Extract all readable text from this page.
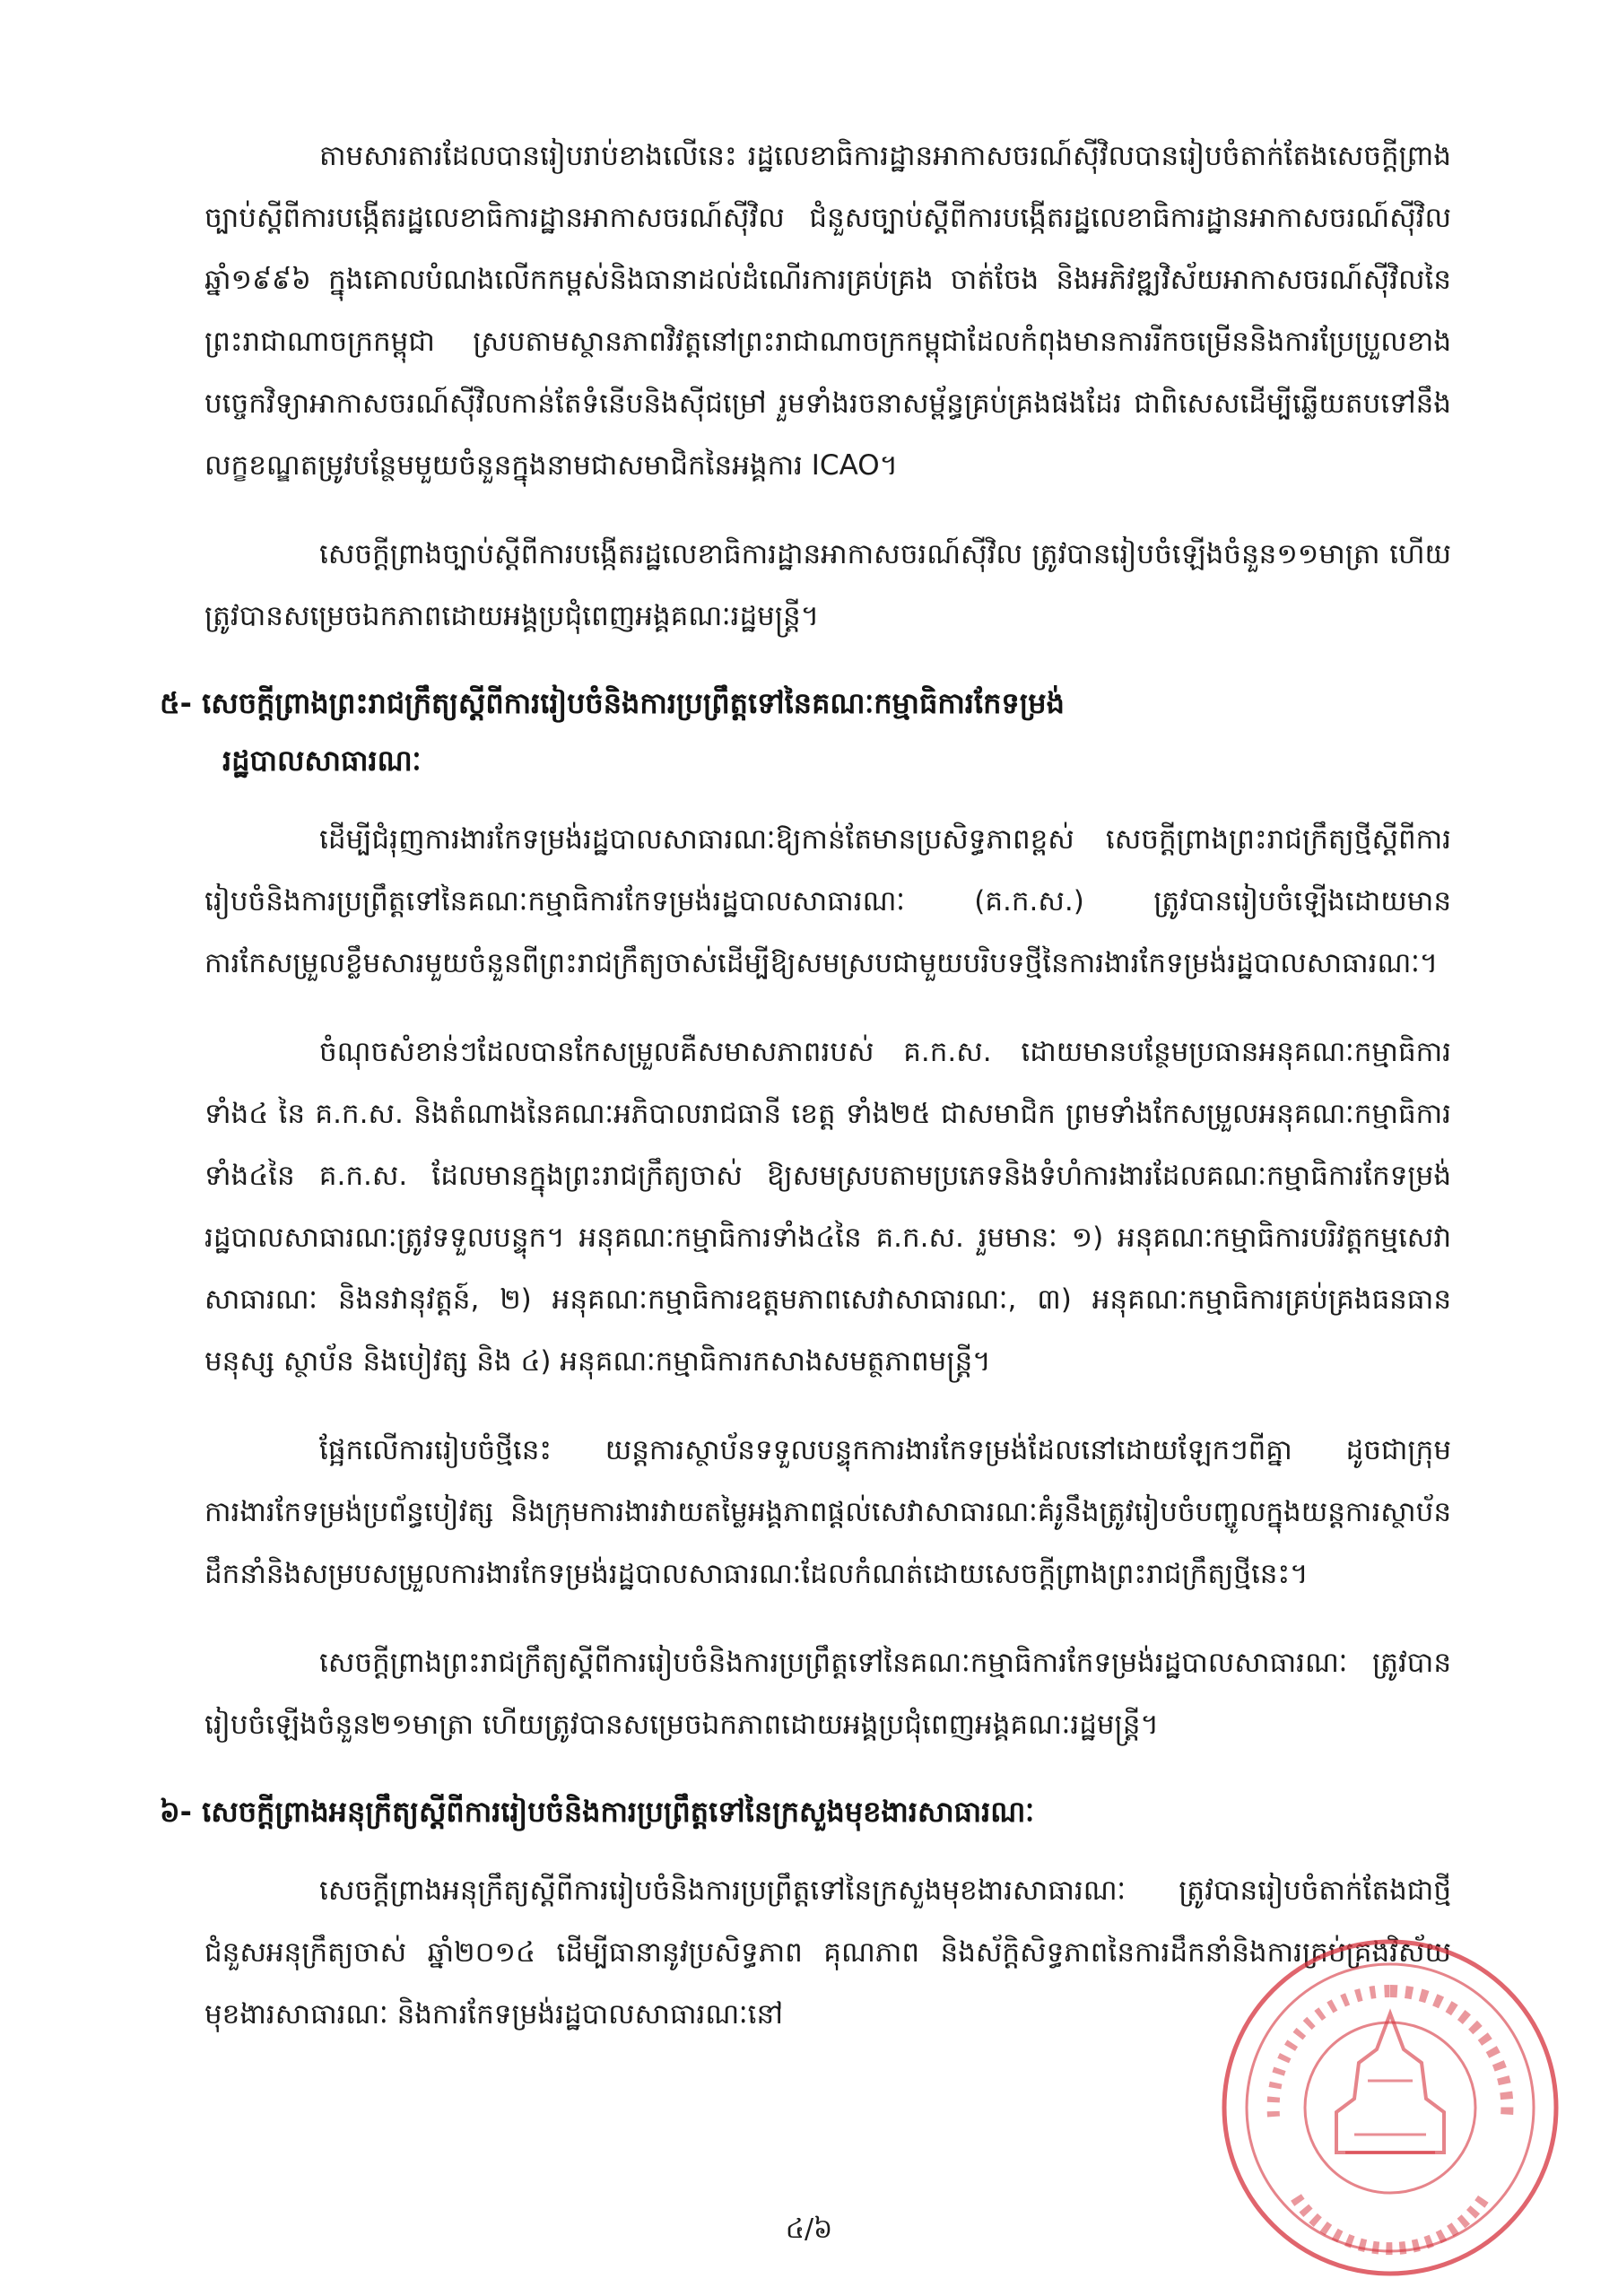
តាមសារតារដែលបានរៀបរាប់ខាងលើនេះ រដ្ឋលេខាធិការដ្ឋានអាកាសចរណ៍ស៊ីវិលបានរៀបចំតាក់តែងសេចក្តីព្រាងច្បាប់ស្តីពីការបង្កើតរដ្ឋលេខាធិការដ្ឋានអាកាសចរណ៍ស៊ីវិល ជំនួសច្បាប់ស្តីពីការបង្កើតរដ្ឋលេខាធិការដ្ឋានអាកាសចរណ៍ស៊ីវិល ឆ្នាំ១៩៩៦ ក្នុងគោលបំណងលើកកម្ពស់និងធានាដល់ដំណើរការគ្រប់គ្រង ចាត់ចែង និងអភិវឌ្ឍវិស័យអាកាសចរណ៍ស៊ីវិលនៃព្រះរាជាណាចក្រកម្ពុជា ស្របតាមស្ថានភាពវិវត្តនៅព្រះរាជាណាចក្រកម្ពុជាដែលកំពុងមានការរីកចម្រើននិងការប្រែប្រួលខាងបច្ចេកវិទ្យាអាកាសចរណ៍ស៊ីវិលកាន់តែទំនើបនិងស៊ីជម្រៅ រួមទាំងរចនាសម្ព័ន្ធគ្រប់គ្រងផងដែរ ជាពិសេសដើម្បីឆ្លើយតបទៅនឹងលក្ខខណ្ឌតម្រូវបន្ថែមមួយចំនួនក្នុងនាមជាសមាជិកនៃអង្គការ ICAO។

សេចក្តីព្រាងច្បាប់ស្តីពីការបង្កើតរដ្ឋលេខាធិការដ្ឋានអាកាសចរណ៍ស៊ីវិល ត្រូវបានរៀបចំឡើងចំនួន១១មាត្រា ហើយត្រូវបានសម្រេចឯកភាពដោយអង្គប្រជុំពេញអង្គគណៈរដ្ឋមន្ត្រី។

៥- សេចក្តីព្រាងព្រះរាជក្រឹត្យស្តីពីការរៀបចំនិងការប្រព្រឹត្តទៅនៃគណៈកម្មាធិការកែទម្រង់
រដ្ឋបាលសាធារណៈ

ដើម្បីជំរុញការងារកែទម្រង់រដ្ឋបាលសាធារណៈឱ្យកាន់តែមានប្រសិទ្ធភាពខ្ពស់ សេចក្តីព្រាងព្រះរាជក្រឹត្យថ្មីស្តីពីការរៀបចំនិងការប្រព្រឹត្តទៅនៃគណៈកម្មាធិការកែទម្រង់រដ្ឋបាលសាធារណៈ (គ.ក.ស.) ត្រូវបានរៀបចំឡើងដោយមានការកែសម្រួលខ្លឹមសារមួយចំនួនពីព្រះរាជក្រឹត្យចាស់ដើម្បីឱ្យសមស្របជាមួយបរិបទថ្មីនៃការងារកែទម្រង់រដ្ឋបាលសាធារណៈ។

ចំណុចសំខាន់ៗដែលបានកែសម្រួលគឺសមាសភាពរបស់ គ.ក.ស. ដោយមានបន្ថែមប្រធានអនុគណៈកម្មាធិការទាំង៤ នៃ គ.ក.ស. និងតំណាងនៃគណៈអភិបាលរាជធានី ខេត្ត ទាំង២៥ ជាសមាជិក ព្រមទាំងកែសម្រួលអនុគណៈកម្មាធិការទាំង៤នៃ គ.ក.ស. ដែលមានក្នុងព្រះរាជក្រឹត្យចាស់ ឱ្យសមស្របតាមប្រភេទនិងទំហំការងារដែលគណៈកម្មាធិការកែទម្រង់រដ្ឋបាលសាធារណៈត្រូវទទួលបន្ទុក។ អនុគណៈកម្មាធិការទាំង៤នៃ គ.ក.ស. រួមមានៈ ១) អនុគណៈកម្មាធិការបរិវត្តកម្មសេវាសាធារណៈ និងនវានុវត្តន៍, ២) អនុគណៈកម្មាធិការឧត្តមភាពសេវាសាធារណៈ, ៣) អនុគណៈកម្មាធិការគ្រប់គ្រងធនធានមនុស្ស ស្ថាប័ន និងបៀវត្ស និង ៤) អនុគណៈកម្មាធិការកសាងសមត្ថភាពមន្ត្រី។

ផ្អែកលើការរៀបចំថ្មីនេះ យន្តការស្ថាប័នទទួលបន្ទុកការងារកែទម្រង់ដែលនៅដោយឡែកៗពីគ្នា ដូចជាក្រុមការងារកែទម្រង់ប្រព័ន្ធបៀវត្ស និងក្រុមការងារវាយតម្លៃអង្គភាពផ្តល់សេវាសាធារណៈគំរូនឹងត្រូវរៀបចំបញ្ចូលក្នុងយន្តការស្ថាប័នដឹកនាំនិងសម្របសម្រួលការងារកែទម្រង់រដ្ឋបាលសាធារណៈដែលកំណត់ដោយសេចក្តីព្រាងព្រះរាជក្រឹត្យថ្មីនេះ។

សេចក្តីព្រាងព្រះរាជក្រឹត្យស្តីពីការរៀបចំនិងការប្រព្រឹត្តទៅនៃគណៈកម្មាធិការកែទម្រង់រដ្ឋបាលសាធារណៈ ត្រូវបានរៀបចំឡើងចំនួន២១មាត្រា ហើយត្រូវបានសម្រេចឯកភាពដោយអង្គប្រជុំពេញអង្គគណៈរដ្ឋមន្ត្រី។

៦- សេចក្តីព្រាងអនុក្រឹត្យស្តីពីការរៀបចំនិងការប្រព្រឹត្តទៅនៃក្រសួងមុខងារសាធារណៈ

សេចក្តីព្រាងអនុក្រឹត្យស្តីពីការរៀបចំនិងការប្រព្រឹត្តទៅនៃក្រសួងមុខងារសាធារណៈ ត្រូវបានរៀបចំតាក់តែងជាថ្មី ជំនួសអនុក្រឹត្យចាស់ ឆ្នាំ២០១៤ ដើម្បីធានានូវប្រសិទ្ធភាព គុណភាព និងស័ក្តិសិទ្ធភាពនៃការដឹកនាំនិងការគ្រប់គ្រងវិស័យមុខងារសាធារណៈ និងការកែទម្រង់រដ្ឋបាលសាធារណៈនៅ

៤/៦
